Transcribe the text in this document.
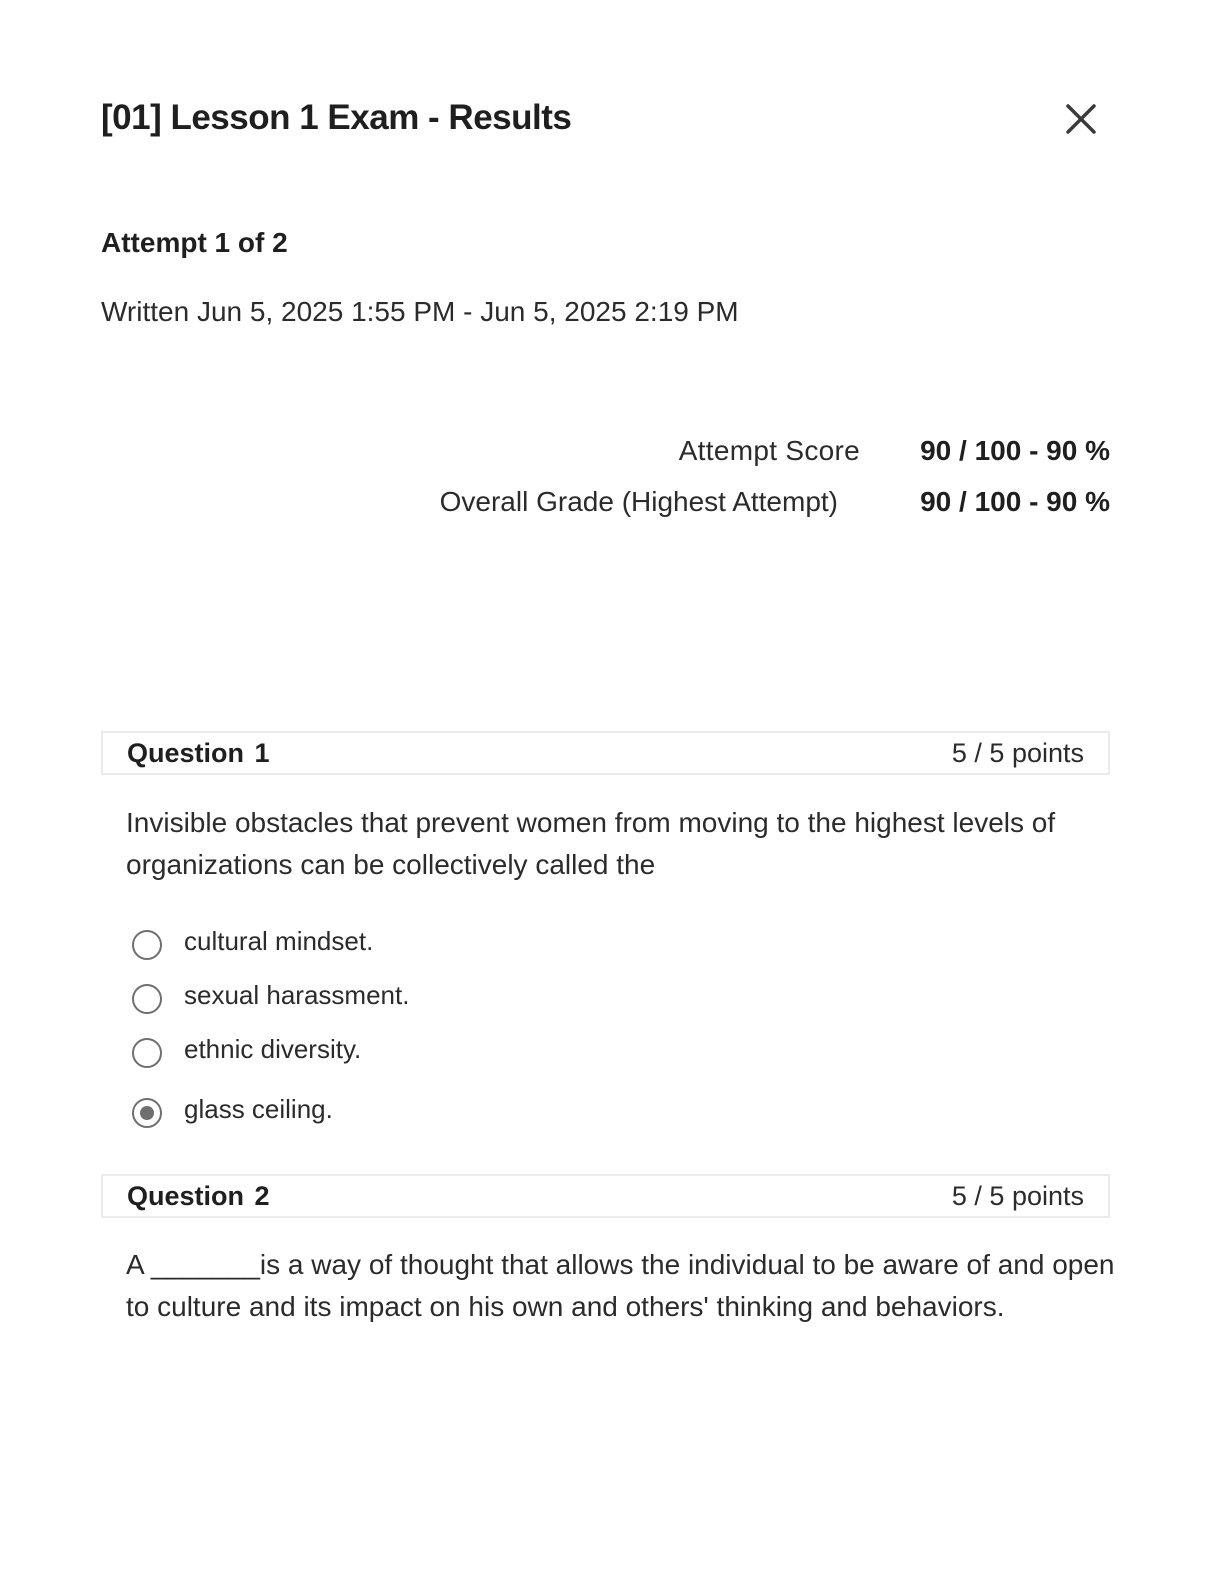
[01] Lesson 1 Exam - Results
Attempt 1 of 2
Written Jun 5, 2025 1:55 PM - Jun 5, 2025 2:19 PM
Attempt Score	90 / 100 - 90 %
Overall Grade (Highest Attempt)	90 / 100 - 90 %
Question 1	5 / 5 points

Invisible obstacles that prevent women from moving to the highest levels of organizations can be collectively called the

cultural mindset.
sexual harassment.
ethnic diversity.
glass ceiling.
Question 2	5 / 5 points

A _______is a way of thought that allows the individual to be aware of and open to culture and its impact on his own and others' thinking and behaviors.
